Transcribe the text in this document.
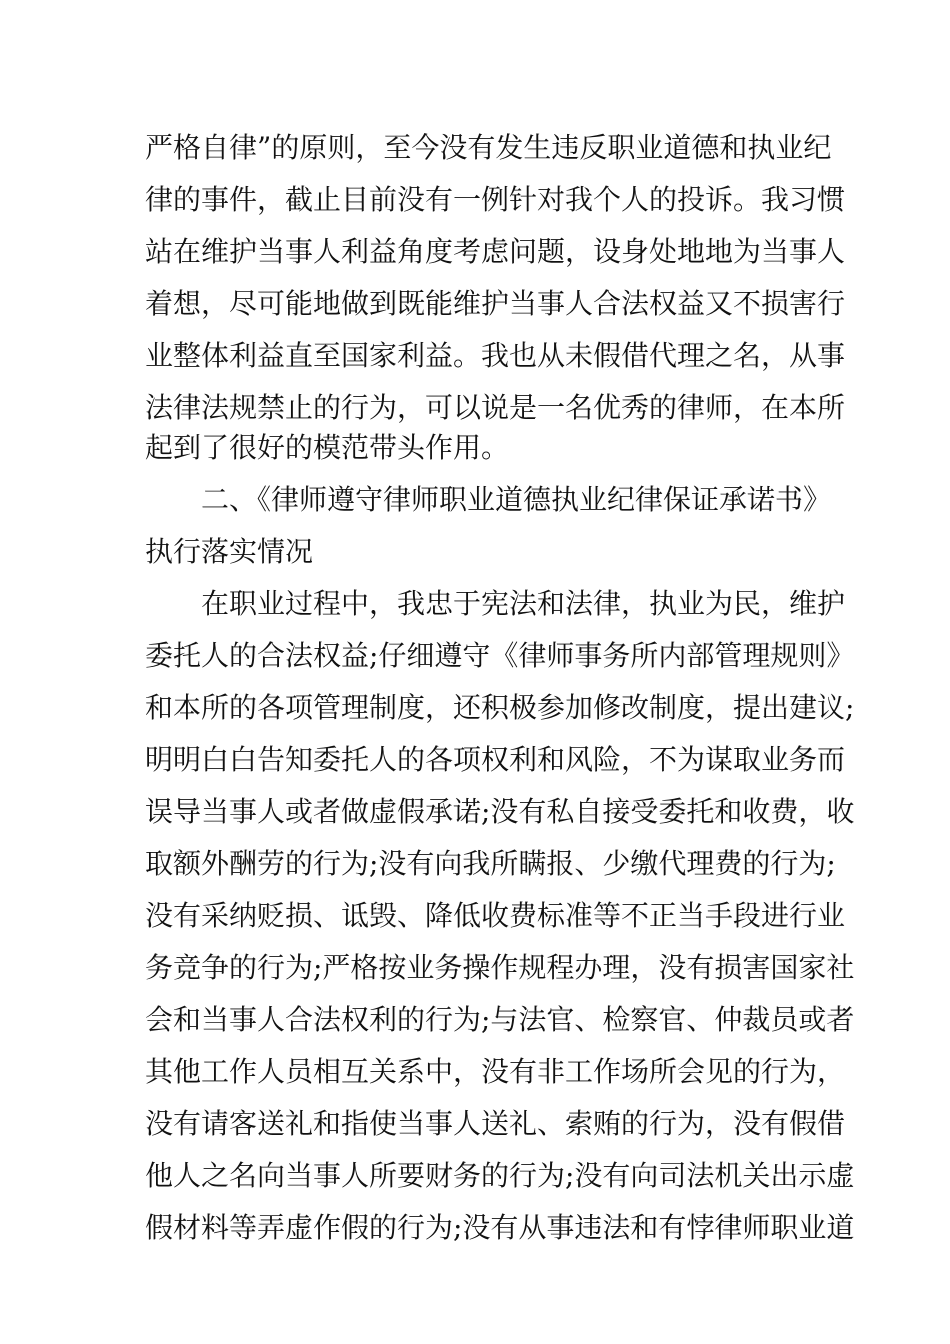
严格自律”的原则，至今没有发生违反职业道德和执业纪
律的事件，截止目前没有一例针对我个人的投诉。我习惯
站在维护当事人利益角度考虑问题，设身处地地为当事人
着想，尽可能地做到既能维护当事人合法权益又不损害行
业整体利益直至国家利益。我也从未假借代理之名，从事
法律法规禁止的行为，可以说是一名优秀的律师，在本所
起到了很好的模范带头作用。
二、《律师遵守律师职业道德执业纪律保证承诺书》
执行落实情况
在职业过程中，我忠于宪法和法律，执业为民，维护
委托人的合法权益;仔细遵守《律师事务所内部管理规则》
和本所的各项管理制度，还积极参加修改制度，提出建议;
明明白白告知委托人的各项权利和风险，不为谋取业务而
误导当事人或者做虚假承诺;没有私自接受委托和收费，收
取额外酬劳的行为;没有向我所瞒报、少缴代理费的行为;
没有采纳贬损、诋毁、降低收费标准等不正当手段进行业
务竞争的行为;严格按业务操作规程办理，没有损害国家社
会和当事人合法权利的行为;与法官、检察官、仲裁员或者
其他工作人员相互关系中，没有非工作场所会见的行为，
没有请客送礼和指使当事人送礼、索贿的行为，没有假借
他人之名向当事人所要财务的行为;没有向司法机关出示虚
假材料等弄虚作假的行为;没有从事违法和有悖律师职业道
